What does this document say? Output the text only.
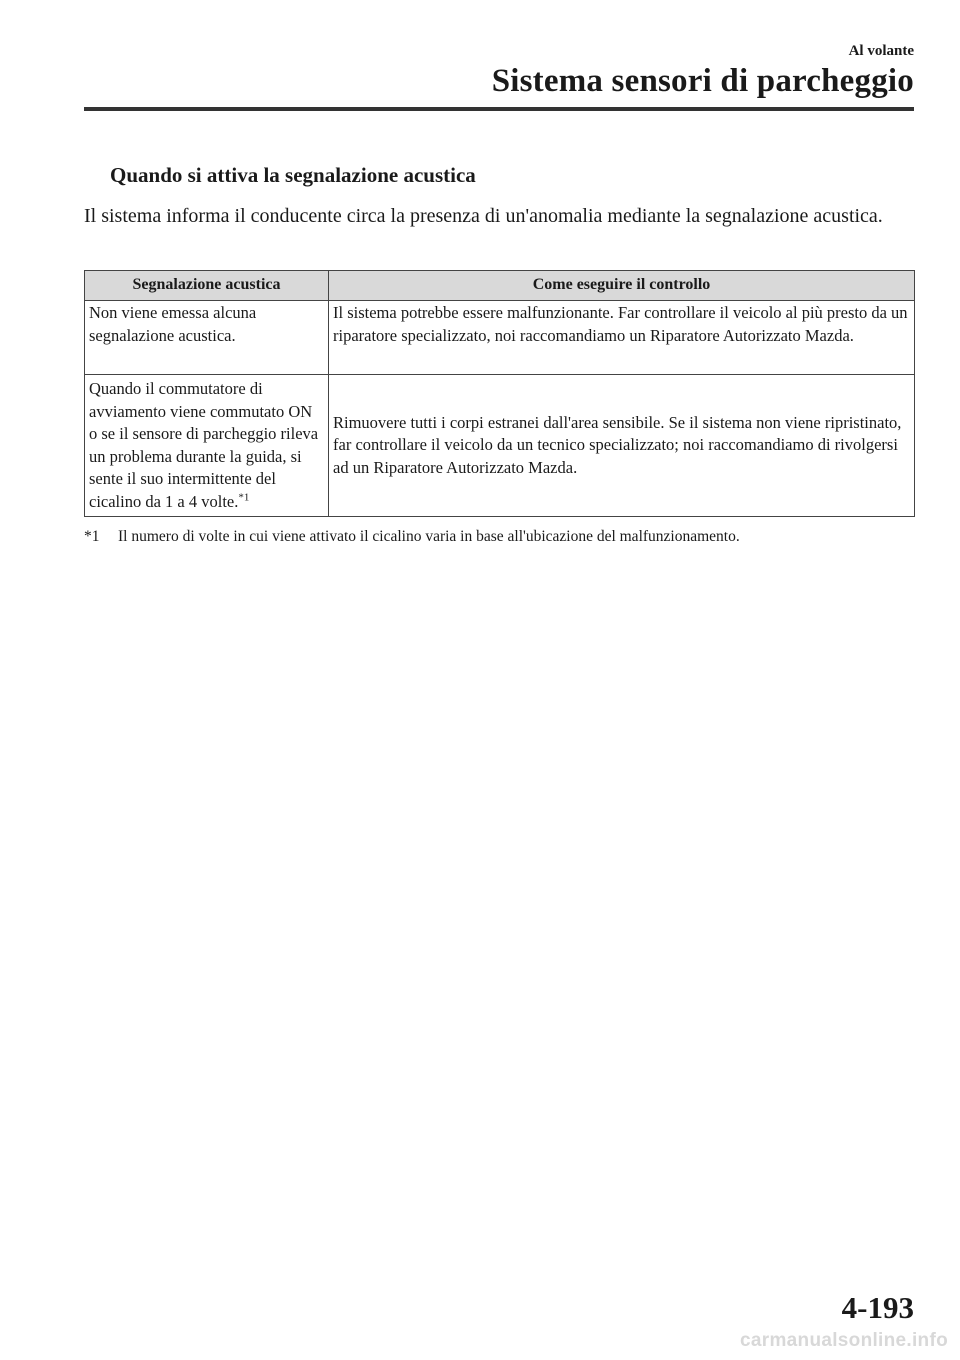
Al volante
Sistema sensori di parcheggio
Quando si attiva la segnalazione acustica

Il sistema informa il conducente circa la presenza di un'anomalia mediante la segnalazione acustica.

Segnalazione acustica	Come eseguire il controllo
Non viene emessa alcuna segnalazione acustica.	Il sistema potrebbe essere malfunzionante. Far controllare il veicolo al più presto da un riparatore specializzato, noi raccomandiamo un Riparatore Autorizzato Mazda.
Quando il commutatore di avviamento viene commutato ON o se il sensore di parcheggio rileva un problema durante la guida, si sente il suo intermittente del cicalino da 1 a 4 volte.$^{*1}$	Rimuovere tutti i corpi estranei dall'area sensibile. Se il sistema non viene ripristinato, far controllare il veicolo da un tecnico specializzato; noi raccomandiamo di rivolgersi ad un Riparatore Autorizzato Mazda.
*1 Il numero di volte in cui viene attivato il cicalino varia in base all'ubicazione del malfunzionamento.
4-193
carmanualsonline.info
